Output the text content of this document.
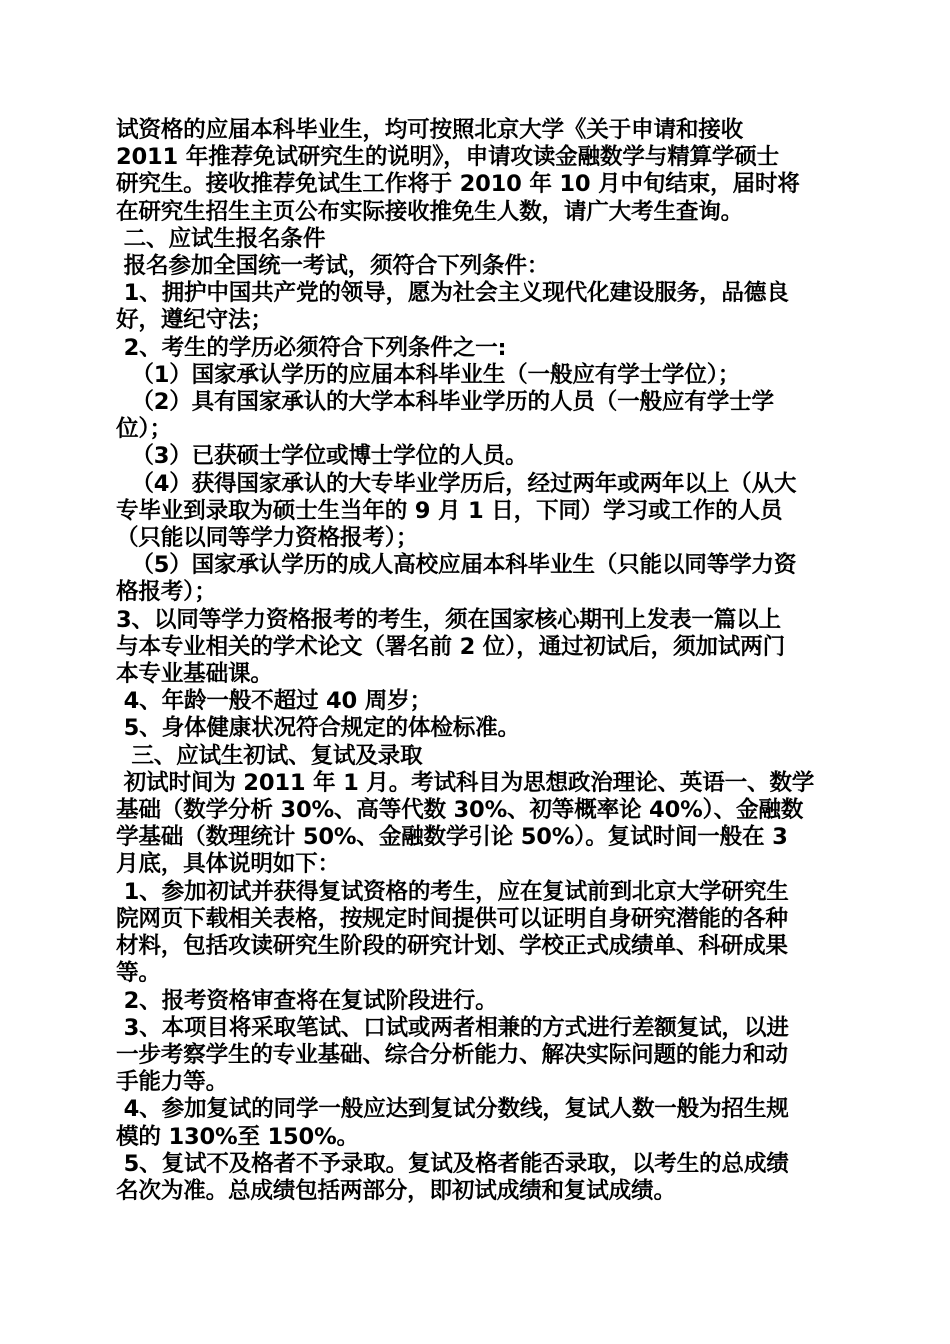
试资格的应届本科毕业生，均可按照北京大学《关于申请和接收
2011 年推荐免试研究生的说明》，申请攻读金融数学与精算学硕士
研究生。接收推荐免试生工作将于 2010 年 10 月中旬结束，届时将
在研究生招生主页公布实际接收推免生人数，请广大考生查询。
二、应试生报名条件
报名参加全国统一考试，须符合下列条件：
1、拥护中国共产党的领导，愿为社会主义现代化建设服务，品德良
好，遵纪守法；
2、考生的学历必须符合下列条件之一:
（1）国家承认学历的应届本科毕业生（一般应有学士学位）；
（2）具有国家承认的大学本科毕业学历的人员（一般应有学士学
位）；
（3）已获硕士学位或博士学位的人员。
（4）获得国家承认的大专毕业学历后，经过两年或两年以上（从大
专毕业到录取为硕士生当年的 9 月 1 日，下同）学习或工作的人员
（只能以同等学力资格报考）；
（5）国家承认学历的成人高校应届本科毕业生（只能以同等学力资
格报考）；
3、以同等学力资格报考的考生，须在国家核心期刊上发表一篇以上
与本专业相关的学术论文（署名前 2 位），通过初试后，须加试两门
本专业基础课。
4、年龄一般不超过 40 周岁；
5、身体健康状况符合规定的体检标准。
三、应试生初试、复试及录取
初试时间为 2011 年 1 月。考试科目为思想政治理论、英语一、数学
基础（数学分析 30%、高等代数 30%、初等概率论 40%）、金融数
学基础（数理统计 50%、金融数学引论 50%）。复试时间一般在 3
月底，具体说明如下：
1、参加初试并获得复试资格的考生，应在复试前到北京大学研究生
院网页下载相关表格，按规定时间提供可以证明自身研究潜能的各种
材料，包括攻读研究生阶段的研究计划、学校正式成绩单、科研成果
等。
2、报考资格审查将在复试阶段进行。
3、本项目将采取笔试、口试或两者相兼的方式进行差额复试，以进
一步考察学生的专业基础、综合分析能力、解决实际问题的能力和动
手能力等。
4、参加复试的同学一般应达到复试分数线，复试人数一般为招生规
模的 130%至 150%。
5、复试不及格者不予录取。复试及格者能否录取，以考生的总成绩
名次为准。总成绩包括两部分，即初试成绩和复试成绩。
